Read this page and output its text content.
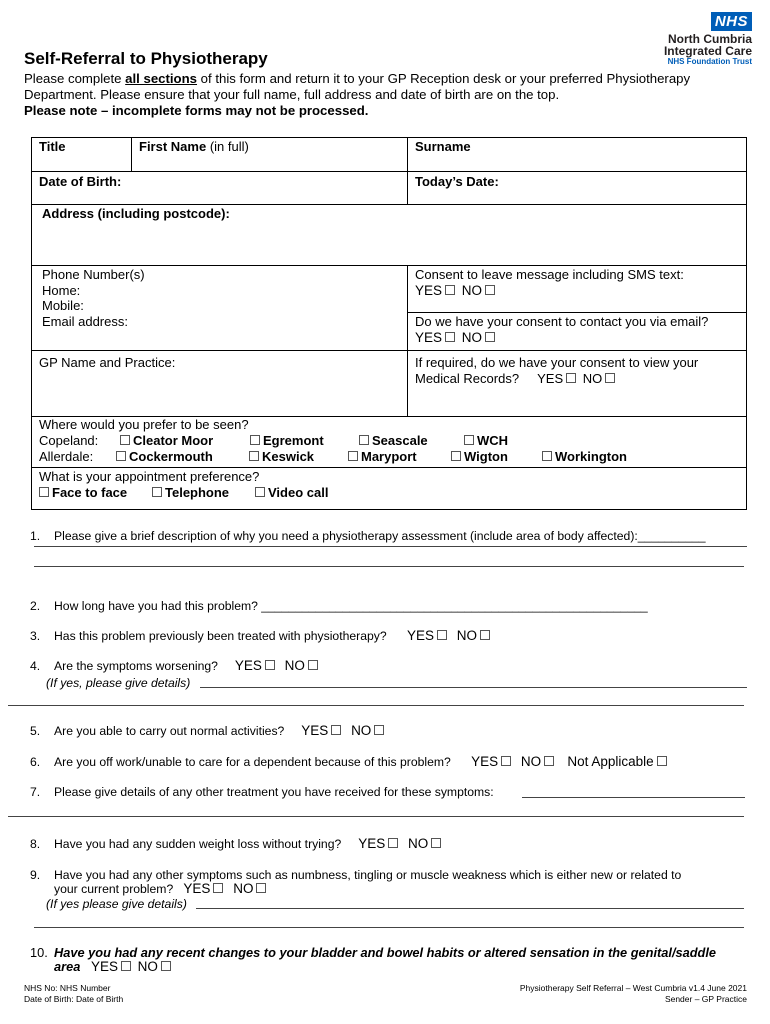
NHS
North Cumbria
Integrated Care
NHS Foundation Trust
Self-Referral to Physiotherapy
Please complete all sections of this form and return it to your GP Reception desk or your preferred Physiotherapy Department. Please ensure that your full name, full address and date of birth are on the top.
Please note – incomplete forms may not be processed.
Title	First Name (in full)	Surname
Date of Birth:	Today’s Date:
Address (including postcode):
Phone Number(s)
Home:
Mobile:
Email address:
Consent to leave message including SMS text:
YES NO
Do we have your consent to contact you via email?
YES NO
GP Name and Practice:	If required, do we have your consent to view your
Medical Records? YES NO
Where would you prefer to be seen?
Copeland:	Cleator Moor	Egremont	Seascale	WCH
Allerdale:	Cockermouth	Keswick	Maryport	Wigton	Workington
What is your appointment preference?
Face to face	Telephone	Video call
1. Please give a brief description of why you need a physiotherapy assessment (include area of body affected):__________
2. How long have you had this problem? _________________________________________________________
3. Has this problem previously been treated with physiotherapy? YES NO
4. Are the symptoms worsening? YES NO
(If yes, please give details)
5. Are you able to carry out normal activities? YES NO
6. Are you off work/unable to care for a dependent because of this problem? YES NO Not Applicable
7. Please give details of any other treatment you have received for these symptoms:
8. Have you had any sudden weight loss without trying? YES NO
9. Have you had any other symptoms such as numbness, tingling or muscle weakness which is either new or related to
your current problem? YES NO
(If yes please give details)
10. Have you had any recent changes to your bladder and bowel habits or altered sensation in the genital/saddle
area YES NO
NHS No: NHS Number
Date of Birth: Date of Birth
Physiotherapy Self Referral – West Cumbria v1.4 June 2021
Sender – GP Practice
